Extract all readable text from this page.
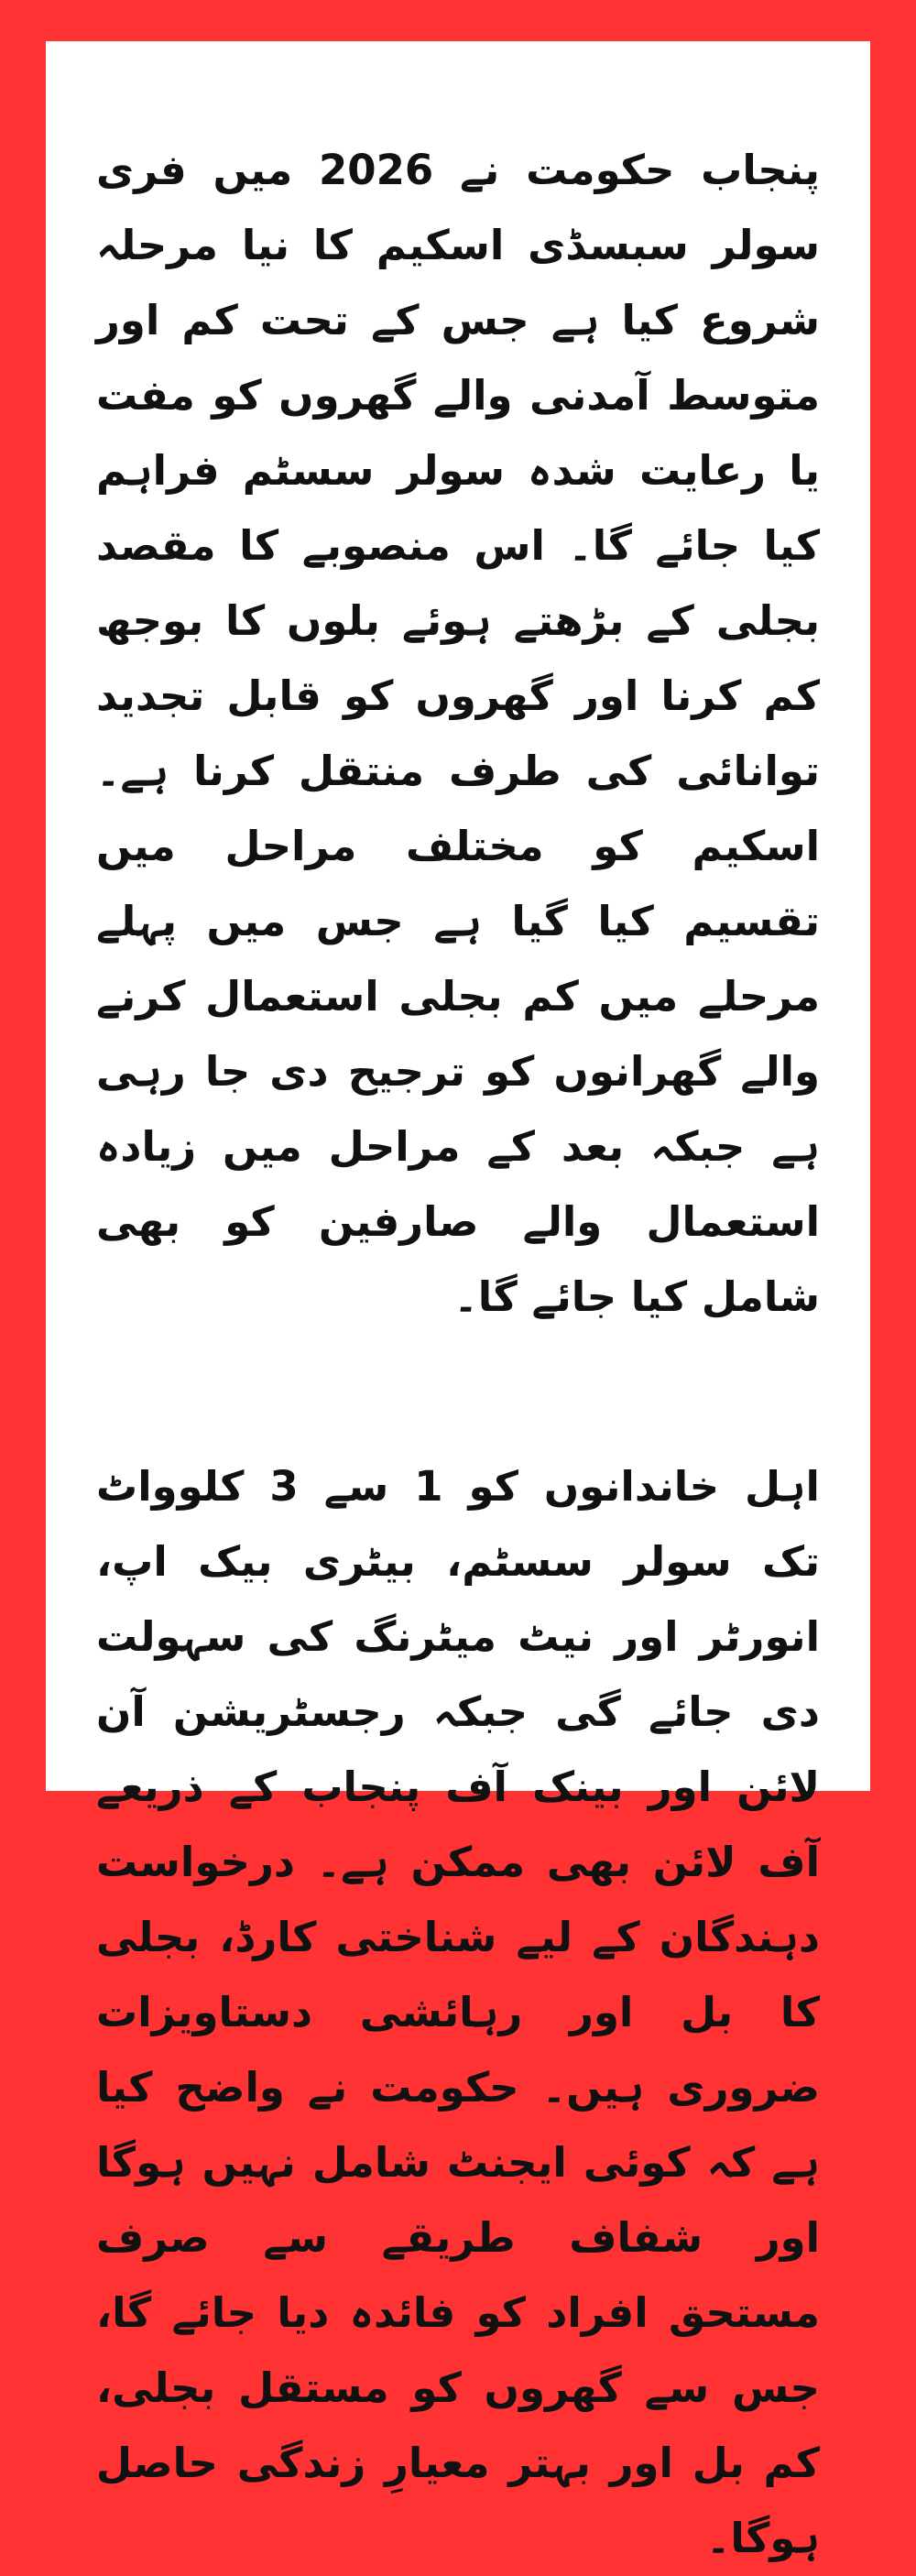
پنجاب حکومت نے 2026 میں فری سولر سبسڈی اسکیم کا نیا مرحلہ شروع کیا ہے جس کے تحت کم اور متوسط آمدنی والے گھروں کو مفت یا رعایت شدہ سولر سسٹم فراہم کیا جائے گا۔ اس منصوبے کا مقصد بجلی کے بڑھتے ہوئے بلوں کا بوجھ کم کرنا اور گھروں کو قابل تجدید توانائی کی طرف منتقل کرنا ہے۔ اسکیم کو مختلف مراحل میں تقسیم کیا گیا ہے جس میں پہلے مرحلے میں کم بجلی استعمال کرنے والے گھرانوں کو ترجیح دی جا رہی ہے جبکہ بعد کے مراحل میں زیادہ استعمال والے صارفین کو بھی شامل کیا جائے گا۔

اہل خاندانوں کو 1 سے 3 کلوواٹ تک سولر سسٹم، بیٹری بیک اپ، انورٹر اور نیٹ میٹرنگ کی سہولت دی جائے گی جبکہ رجسٹریشن آن لائن اور بینک آف پنجاب کے ذریعے آف لائن بھی ممکن ہے۔ درخواست دہندگان کے لیے شناختی کارڈ، بجلی کا بل اور رہائشی دستاویزات ضروری ہیں۔ حکومت نے واضح کیا ہے کہ کوئی ایجنٹ شامل نہیں ہوگا اور شفاف طریقے سے صرف مستحق افراد کو فائدہ دیا جائے گا، جس سے گھروں کو مستقل بجلی، کم بل اور بہتر معیارِ زندگی حاصل ہوگا۔
